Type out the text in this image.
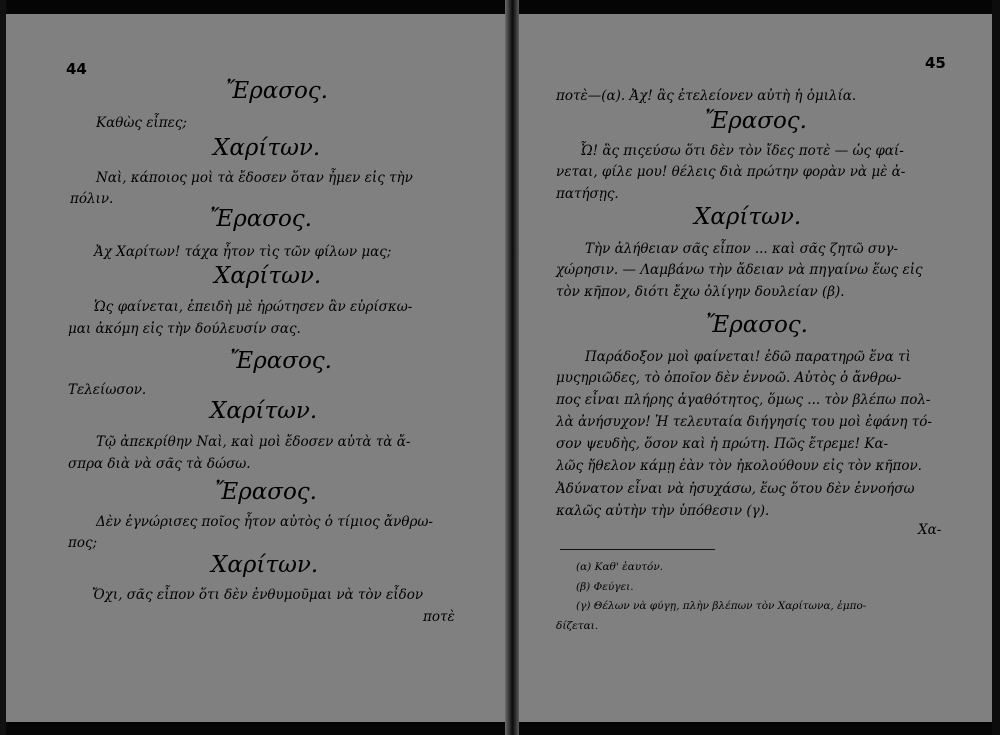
44
Ἔρασος.
Καθὼς εἶπες;
Χαρίτων.
Ναὶ, κάποιος μοὶ τὰ ἔδοσεν ὅταν ἦμεν εἰς τὴν
πόλιν.
Ἔρασος.
Ἀχ Χαρίτων! τάχα ἦτον τὶς τῶν φίλων μας;
Χαρίτων.
Ὡς φαίνεται, ἐπειδὴ μὲ ἠρώτησεν ἂν εὑρίσκω-
μαι ἀκόμη εἰς τὴν δούλευσίν σας.
Ἔρασος.
Τελείωσον.
Χαρίτων.
Τῷ ἀπεκρίθην Ναὶ, καὶ μοὶ ἔδοσεν αὐτὰ τὰ ἄ-
σπρα διὰ νὰ σᾶς τὰ δώσω.
Ἔρασος.
Δὲν ἐγνώρισες ποῖος ἦτον αὐτὸς ὁ τίμιος ἄνθρω-
πος;
Χαρίτων.
Ὄχι, σᾶς εἶπον ὅτι δὲν ἐνθυμοῦμαι νὰ τὸν εἶδον
ποτὲ
45
ποτὲ—(α). Ἀχ! ἂς ἐτελείονεν αὐτὴ ἡ ὁμιλία.
Ἔρασος.
Ὦ! ἂς πιςεύσω ὅτι δὲν τὸν ἴδες ποτὲ — ὡς φαί-
νεται, φίλε μου! θέλεις διὰ πρώτην φορὰν νὰ μὲ ἀ-
πατήσῃς.
Χαρίτων.
Τὴν ἀλήθειαν σᾶς εἶπον ... καὶ σᾶς ζητῶ συγ-
χώρησιν. — Λαμβάνω τὴν ἄδειαν νὰ πηγαίνω ἕως εἰς
τὸν κῆπον, διότι ἔχω ὀλίγην δουλείαν (β).
Ἔρασος.
Παράδοξον μοὶ φαίνεται! ἐδῶ παρατηρῶ ἕνα τὶ
μυςηριῶδες, τὸ ὁποῖον δὲν ἐννοῶ. Αὐτὸς ὁ ἄνθρω-
πος εἶναι πλήρης ἀγαθότητος, ὅμως ... τὸν βλέπω πολ-
λὰ ἀνήσυχον! Ἡ τελευταία διήγησίς του μοὶ ἐφάνη τό-
σον ψευδὴς, ὅσον καὶ ἡ πρώτη. Πῶς ἔτρεμε! Κα-
λῶς ἤθελον κάμῃ ἐὰν τὸν ἠκολούθουν εἰς τὸν κῆπον.
Ἀδύνατον εἶναι νὰ ἡσυχάσω, ἕως ὅτου δὲν ἐννοήσω
καλῶς αὐτὴν τὴν ὑπόθεσιν (γ).
Χα-
(α) Καθ' ἑαυτόν.
(β) Φεύγει.
(γ) Θέλων νὰ φύγῃ, πλὴν βλέπων τὸν Χαρίτωνα, ἐμπο-
δίζεται.
